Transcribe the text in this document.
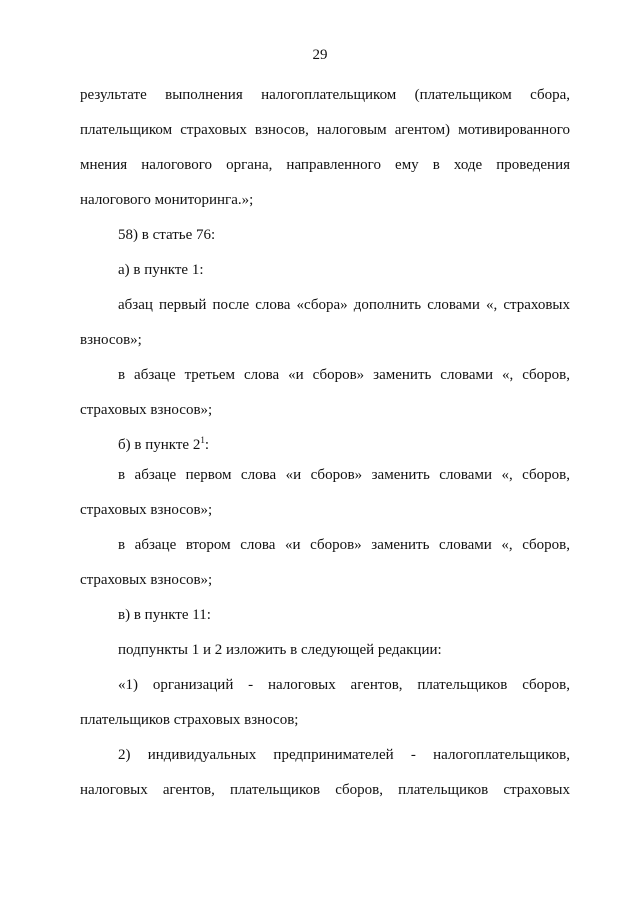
29
результате выполнения налогоплательщиком (плательщиком сбора,
плательщиком страховых взносов, налоговым агентом) мотивированного
мнения налогового органа, направленного ему в ходе проведения
налогового мониторинга.»;
58) в статье 76:
а) в пункте 1:
абзац первый после слова «сбора» дополнить словами «, страховых
взносов»;
в абзаце третьем слова «и сборов» заменить словами «, сборов,
страховых взносов»;
б) в пункте $2^1$:
в абзаце первом слова «и сборов» заменить словами «, сборов,
страховых взносов»;
в абзаце втором слова «и сборов» заменить словами «, сборов,
страховых взносов»;
в) в пункте 11:
подпункты 1 и 2 изложить в следующей редакции:
«1) организаций - налоговых агентов, плательщиков сборов,
плательщиков страховых взносов;
2) индивидуальных предпринимателей - налогоплательщиков,
налоговых агентов, плательщиков сборов, плательщиков страховых
